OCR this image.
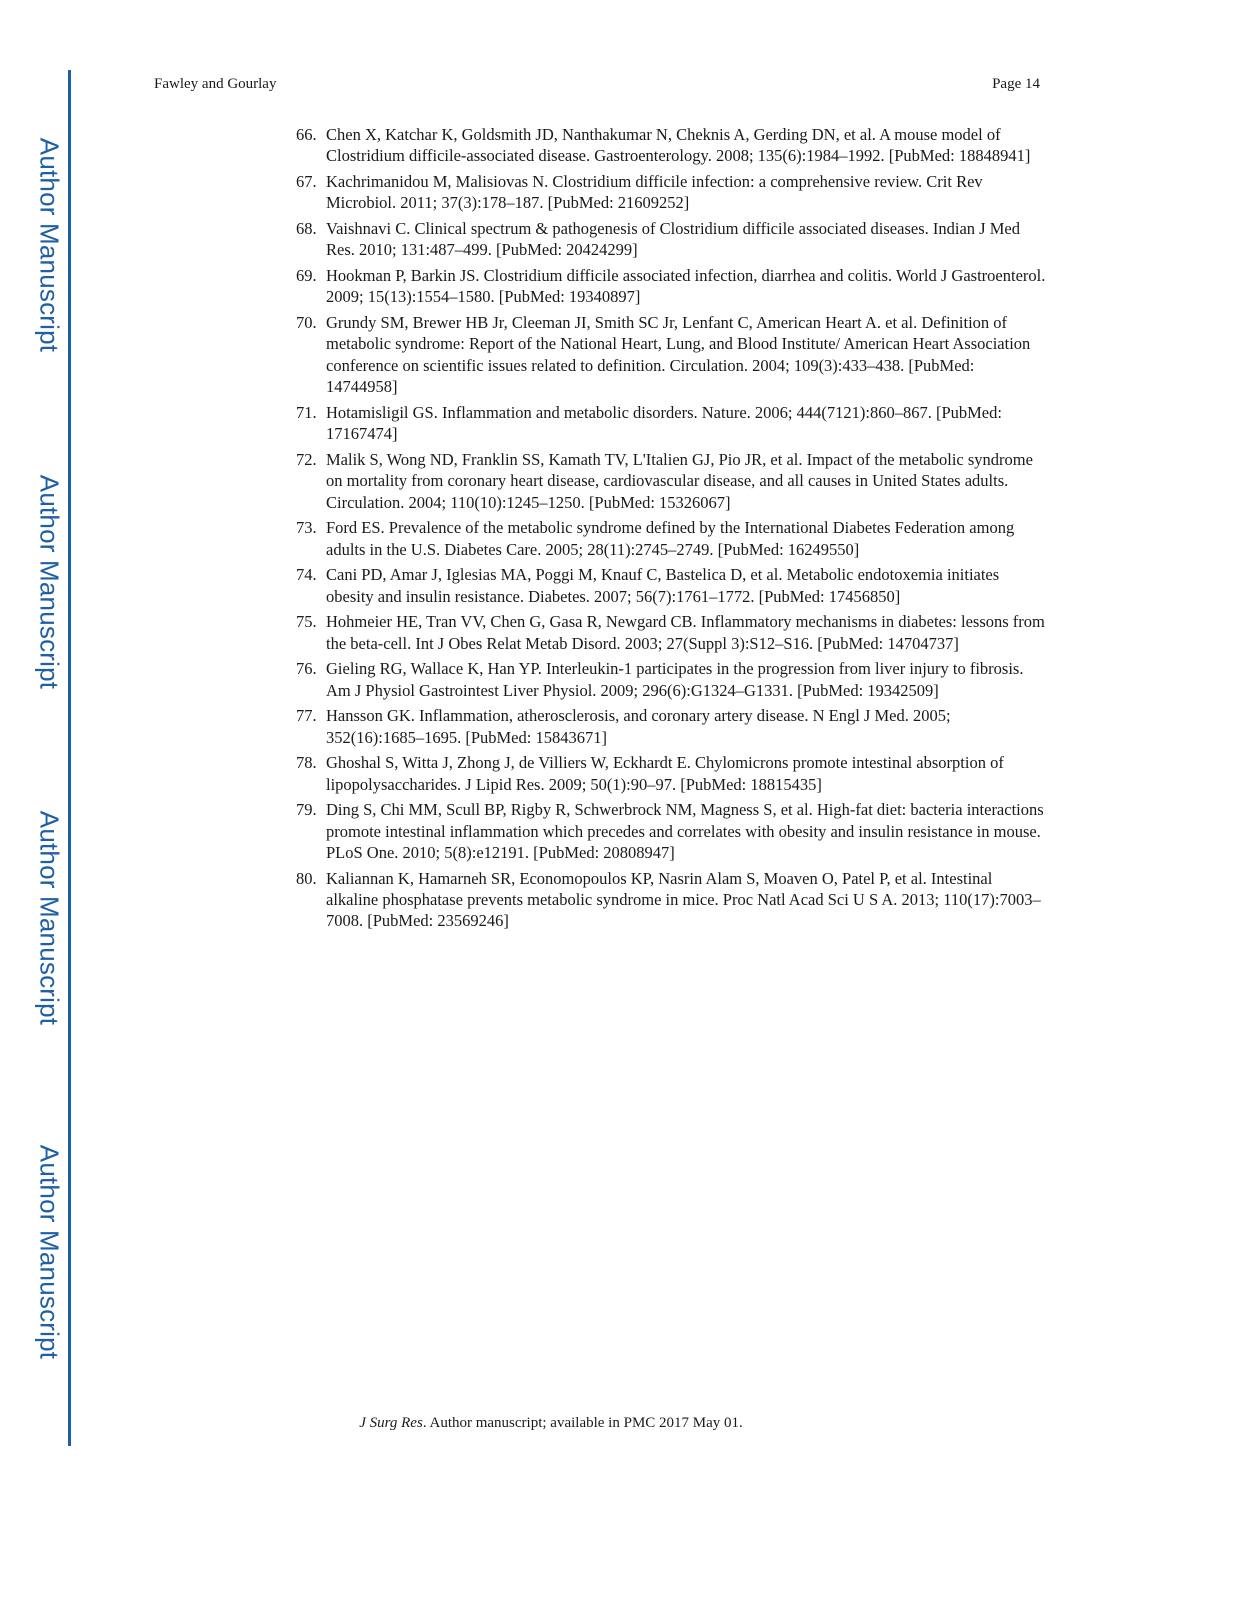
Author Manuscript
Author Manuscript
Author Manuscript
Author Manuscript
Fawley and Gourlay	Page 14
66. Chen X, Katchar K, Goldsmith JD, Nanthakumar N, Cheknis A, Gerding DN, et al. A mouse model of Clostridium difficile-associated disease. Gastroenterology. 2008; 135(6):1984–1992. [PubMed: 18848941]
67. Kachrimanidou M, Malisiovas N. Clostridium difficile infection: a comprehensive review. Crit Rev Microbiol. 2011; 37(3):178–187. [PubMed: 21609252]
68. Vaishnavi C. Clinical spectrum & pathogenesis of Clostridium difficile associated diseases. Indian J Med Res. 2010; 131:487–499. [PubMed: 20424299]
69. Hookman P, Barkin JS. Clostridium difficile associated infection, diarrhea and colitis. World J Gastroenterol. 2009; 15(13):1554–1580. [PubMed: 19340897]
70. Grundy SM, Brewer HB Jr, Cleeman JI, Smith SC Jr, Lenfant C, American Heart A. et al. Definition of metabolic syndrome: Report of the National Heart, Lung, and Blood Institute/ American Heart Association conference on scientific issues related to definition. Circulation. 2004; 109(3):433–438. [PubMed: 14744958]
71. Hotamisligil GS. Inflammation and metabolic disorders. Nature. 2006; 444(7121):860–867. [PubMed: 17167474]
72. Malik S, Wong ND, Franklin SS, Kamath TV, L'Italien GJ, Pio JR, et al. Impact of the metabolic syndrome on mortality from coronary heart disease, cardiovascular disease, and all causes in United States adults. Circulation. 2004; 110(10):1245–1250. [PubMed: 15326067]
73. Ford ES. Prevalence of the metabolic syndrome defined by the International Diabetes Federation among adults in the U.S. Diabetes Care. 2005; 28(11):2745–2749. [PubMed: 16249550]
74. Cani PD, Amar J, Iglesias MA, Poggi M, Knauf C, Bastelica D, et al. Metabolic endotoxemia initiates obesity and insulin resistance. Diabetes. 2007; 56(7):1761–1772. [PubMed: 17456850]
75. Hohmeier HE, Tran VV, Chen G, Gasa R, Newgard CB. Inflammatory mechanisms in diabetes: lessons from the beta-cell. Int J Obes Relat Metab Disord. 2003; 27(Suppl 3):S12–S16. [PubMed: 14704737]
76. Gieling RG, Wallace K, Han YP. Interleukin-1 participates in the progression from liver injury to fibrosis. Am J Physiol Gastrointest Liver Physiol. 2009; 296(6):G1324–G1331. [PubMed: 19342509]
77. Hansson GK. Inflammation, atherosclerosis, and coronary artery disease. N Engl J Med. 2005; 352(16):1685–1695. [PubMed: 15843671]
78. Ghoshal S, Witta J, Zhong J, de Villiers W, Eckhardt E. Chylomicrons promote intestinal absorption of lipopolysaccharides. J Lipid Res. 2009; 50(1):90–97. [PubMed: 18815435]
79. Ding S, Chi MM, Scull BP, Rigby R, Schwerbrock NM, Magness S, et al. High-fat diet: bacteria interactions promote intestinal inflammation which precedes and correlates with obesity and insulin resistance in mouse. PLoS One. 2010; 5(8):e12191. [PubMed: 20808947]
80. Kaliannan K, Hamarneh SR, Economopoulos KP, Nasrin Alam S, Moaven O, Patel P, et al. Intestinal alkaline phosphatase prevents metabolic syndrome in mice. Proc Natl Acad Sci U S A. 2013; 110(17):7003–7008. [PubMed: 23569246]
J Surg Res. Author manuscript; available in PMC 2017 May 01.
